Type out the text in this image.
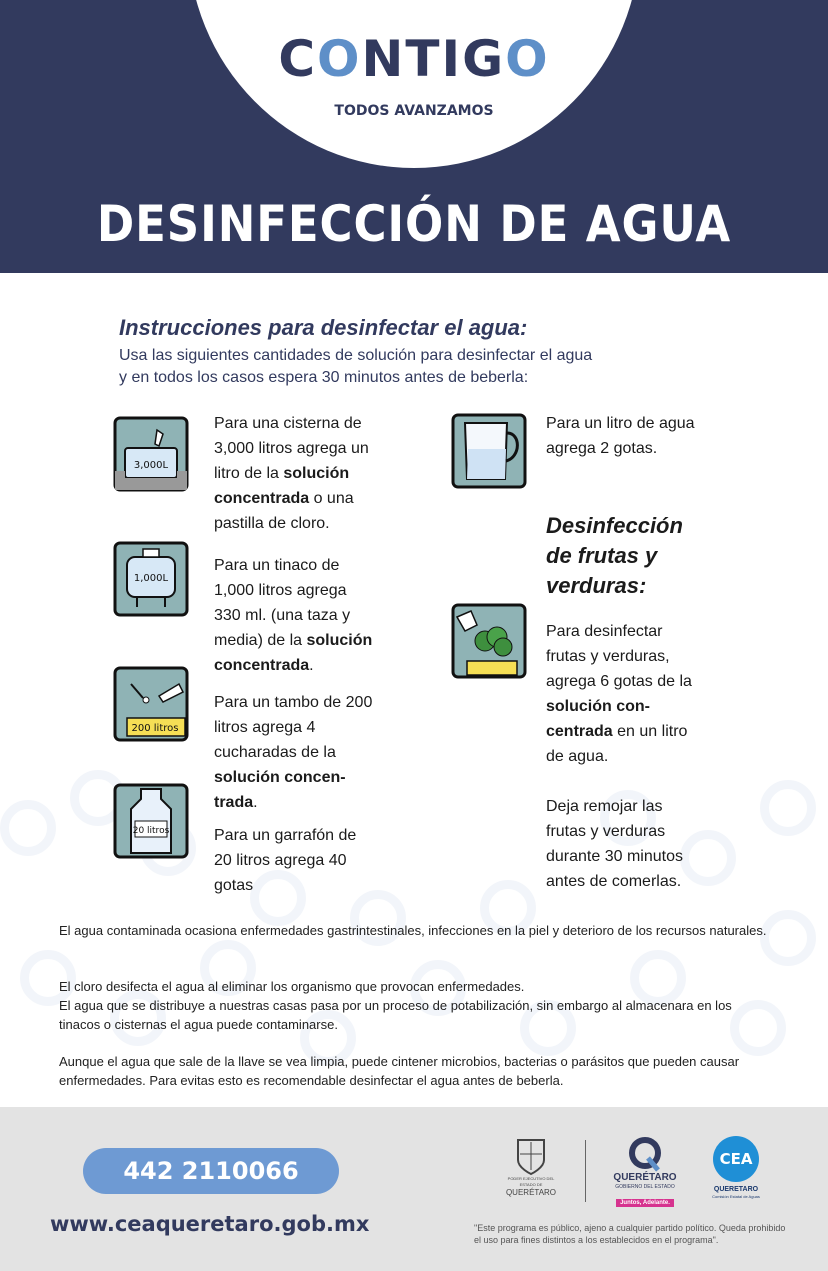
CONTIGO
TODOS AVANZAMOS
DESINFECCIÓN DE AGUA
Instrucciones para desinfectar el agua:
Usa las siguientes cantidades de solución para desinfectar el agua
y en todos los casos espera 30 minutos antes de beberla:
3,000L
1,000L
200 litros
20 litros
Para una cisterna de 3,000 litros agrega un litro de la solución concentrada o una pastilla de cloro.
Para un tinaco de 1,000 litros agrega 330 ml. (una taza y media) de la solución concentrada.
Para un tambo de 200 litros agrega 4 cucharadas de la solución concentrada.
Para un garrafón de 20 litros agrega 40 gotas
Para un litro de agua agrega 2 gotas.
Desinfección de frutas y verduras:
Para desinfectar frutas y verduras, agrega 6 gotas de la solución concentrada en un litro de agua.
Deja remojar las frutas y verduras durante 30 minutos antes de comerlas.
El agua contaminada ocasiona enfermedades gastrintestinales, infecciones en la piel y deterioro de los recursos naturales.
El cloro desifecta el agua al eliminar los organismo que provocan enfermedades.
El agua que se distribuye a nuestras casas pasa por un proceso de potabilización, sin embargo al almacenara en los tinacos o cisternas el agua puede contaminarse.
Aunque el agua que sale de la llave se vea limpia, puede cintener microbios, bacterias o parásitos que pueden causar enfermedades. Para evitas esto es recomendable desinfectar el agua antes de beberla.
442 2110066
www.ceaqueretaro.gob.mx
PODER EJECUTIVO DEL ESTADO DE
QUERÉTARO
QUERÉTARO
GOBIERNO DEL ESTADO
Juntos, Adelante.
CEA
QUERETARO
Comisión Estatal de Aguas
"Este programa es público, ajeno a cualquier partido político. Queda prohibido el uso para fines distintos a los establecidos en el programa".
